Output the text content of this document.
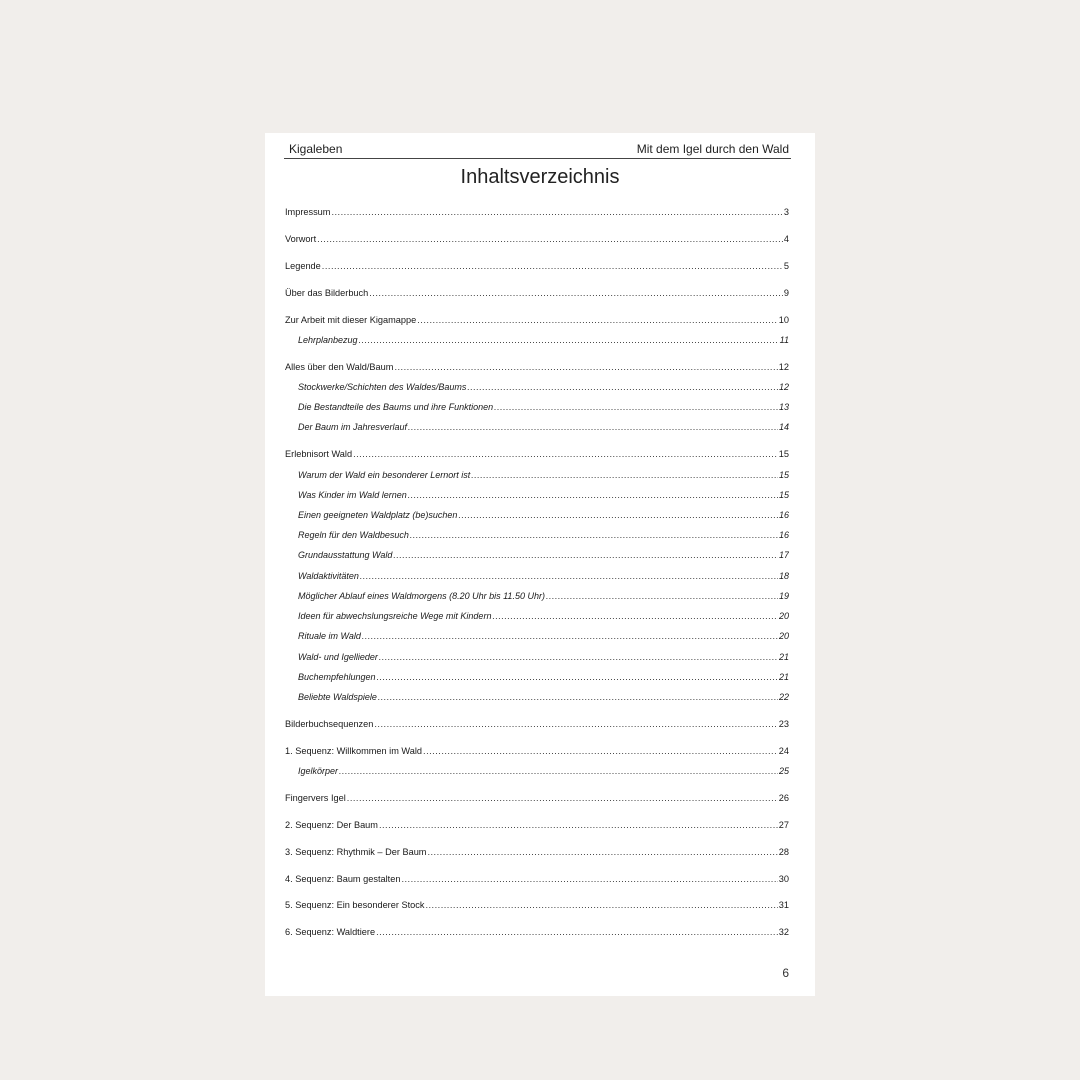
Kigaleben	Mit dem Igel durch den Wald
Inhaltsverzeichnis
Impressum .....	3
Vorwort .....	4
Legende .....	5
Über das Bilderbuch .....	9
Zur Arbeit mit dieser Kigamappe .....	10
Lehrplanbezug .....	11
Alles über den Wald/Baum .....	12
Stockwerke/Schichten des Waldes/Baums .....	12
Die Bestandteile des Baums und ihre Funktionen .....	13
Der Baum im Jahresverlauf .....	14
Erlebnisort Wald .....	15
Warum der Wald ein besonderer Lernort ist .....	15
Was Kinder im Wald lernen .....	15
Einen geeigneten Waldplatz (be)suchen .....	16
Regeln für den Waldbesuch .....	16
Grundausstattung Wald .....	17
Waldaktivitäten .....	18
Möglicher Ablauf eines Waldmorgens (8.20 Uhr bis 11.50 Uhr) .....	19
Ideen für abwechslungsreiche Wege mit Kindern .....	20
Rituale im Wald .....	20
Wald- und Igellieder .....	21
Buchempfehlungen .....	21
Beliebte Waldspiele .....	22
Bilderbuchsequenzen .....	23
1. Sequenz: Willkommen im Wald .....	24
Igelkörper .....	25
Fingervers Igel .....	26
2. Sequenz: Der Baum .....	27
3. Sequenz: Rhythmik – Der Baum .....	28
4. Sequenz: Baum gestalten .....	30
5. Sequenz: Ein besonderer Stock .....	31
6. Sequenz: Waldtiere .....	32
6
